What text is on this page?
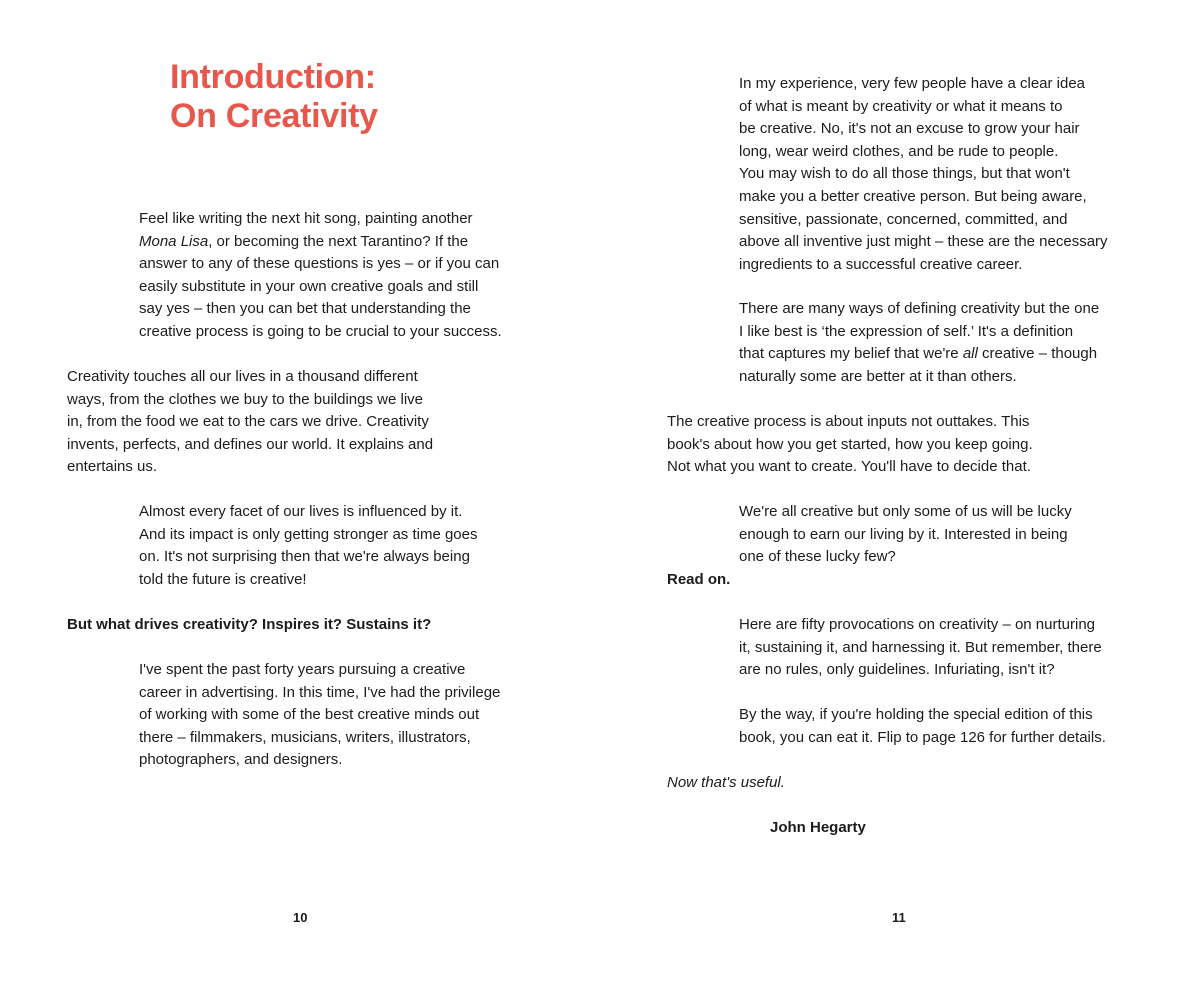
Introduction:
On Creativity

Feel like writing the next hit song, painting another
Mona Lisa, or becoming the next Tarantino? If the
answer to any of these questions is yes – or if you can
easily substitute in your own creative goals and still
say yes – then you can bet that understanding the
creative process is going to be crucial to your success.

Creativity touches all our lives in a thousand different
ways, from the clothes we buy to the buildings we live
in, from the food we eat to the cars we drive. Creativity
invents, perfects, and defines our world. It explains and
entertains us.

Almost every facet of our lives is influenced by it.
And its impact is only getting stronger as time goes
on. It's not surprising then that we're always being
told the future is creative!

But what drives creativity? Inspires it? Sustains it?

I've spent the past forty years pursuing a creative
career in advertising. In this time, I've had the privilege
of working with some of the best creative minds out
there – filmmakers, musicians, writers, illustrators,
photographers, and designers.

10

In my experience, very few people have a clear idea
of what is meant by creativity or what it means to
be creative. No, it's not an excuse to grow your hair
long, wear weird clothes, and be rude to people.
You may wish to do all those things, but that won't
make you a better creative person. But being aware,
sensitive, passionate, concerned, committed, and
above all inventive just might – these are the necessary
ingredients to a successful creative career.

There are many ways of defining creativity but the one
I like best is ‘the expression of self.’ It's a definition
that captures my belief that we're all creative – though
naturally some are better at it than others.

The creative process is about inputs not outtakes. This
book's about how you get started, how you keep going.
Not what you want to create. You'll have to decide that.

We're all creative but only some of us will be lucky
enough to earn our living by it. Interested in being
one of these lucky few?

Read on.

Here are fifty provocations on creativity – on nurturing
it, sustaining it, and harnessing it. But remember, there
are no rules, only guidelines. Infuriating, isn't it?

By the way, if you're holding the special edition of this
book, you can eat it. Flip to page 126 for further details.

Now that's useful.

John Hegarty

11
